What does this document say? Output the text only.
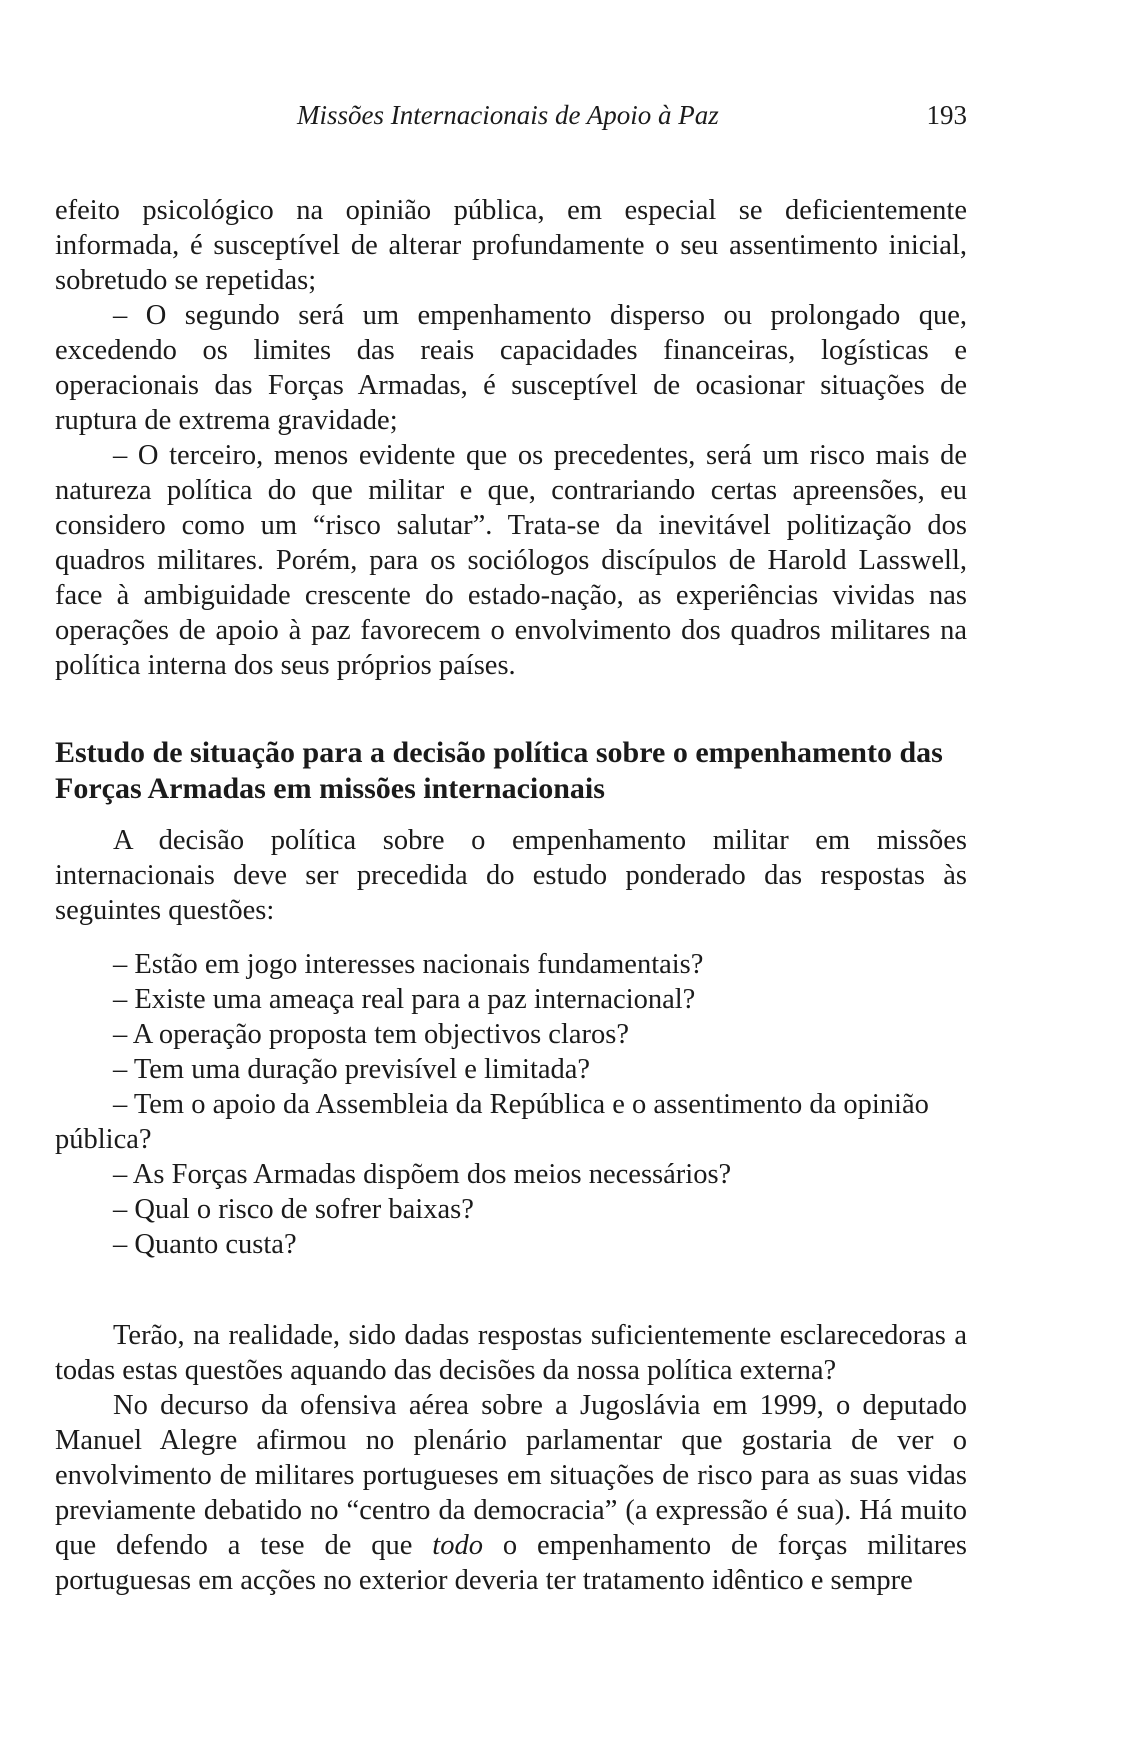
Missões Internacionais de Apoio à Paz	193

efeito psicológico na opinião pública, em especial se deficientemente informada, é susceptível de alterar profundamente o seu assentimento inicial, sobretudo se repetidas;

– O segundo será um empenhamento disperso ou prolongado que, excedendo os limites das reais capacidades financeiras, logísticas e operacionais das Forças Armadas, é susceptível de ocasionar situações de ruptura de extrema gravidade;

– O terceiro, menos evidente que os precedentes, será um risco mais de natureza política do que militar e que, contrariando certas apreensões, eu considero como um “risco salutar”. Trata-se da inevitável politização dos quadros militares. Porém, para os sociólogos discípulos de Harold Lasswell, face à ambiguidade crescente do estado-nação, as experiências vividas nas operações de apoio à paz favorecem o envolvimento dos quadros militares na política interna dos seus próprios países.

Estudo de situação para a decisão política sobre o empenhamento das Forças Armadas em missões internacionais

A decisão política sobre o empenhamento militar em missões internacionais deve ser precedida do estudo ponderado das respostas às seguintes questões:

– Estão em jogo interesses nacionais fundamentais?
– Existe uma ameaça real para a paz internacional?
– A operação proposta tem objectivos claros?
– Tem uma duração previsível e limitada?
– Tem o apoio da Assembleia da República e o assentimento da opinião pública?
– As Forças Armadas dispõem dos meios necessários?
– Qual o risco de sofrer baixas?
– Quanto custa?

Terão, na realidade, sido dadas respostas suficientemente esclarecedoras a todas estas questões aquando das decisões da nossa política externa?

No decurso da ofensiva aérea sobre a Jugoslávia em 1999, o deputado Manuel Alegre afirmou no plenário parlamentar que gostaria de ver o envolvimento de militares portugueses em situações de risco para as suas vidas previamente debatido no “centro da democracia” (a expressão é sua). Há muito que defendo a tese de que todo o empenhamento de forças militares portuguesas em acções no exterior deveria ter tratamento idêntico e sempre
